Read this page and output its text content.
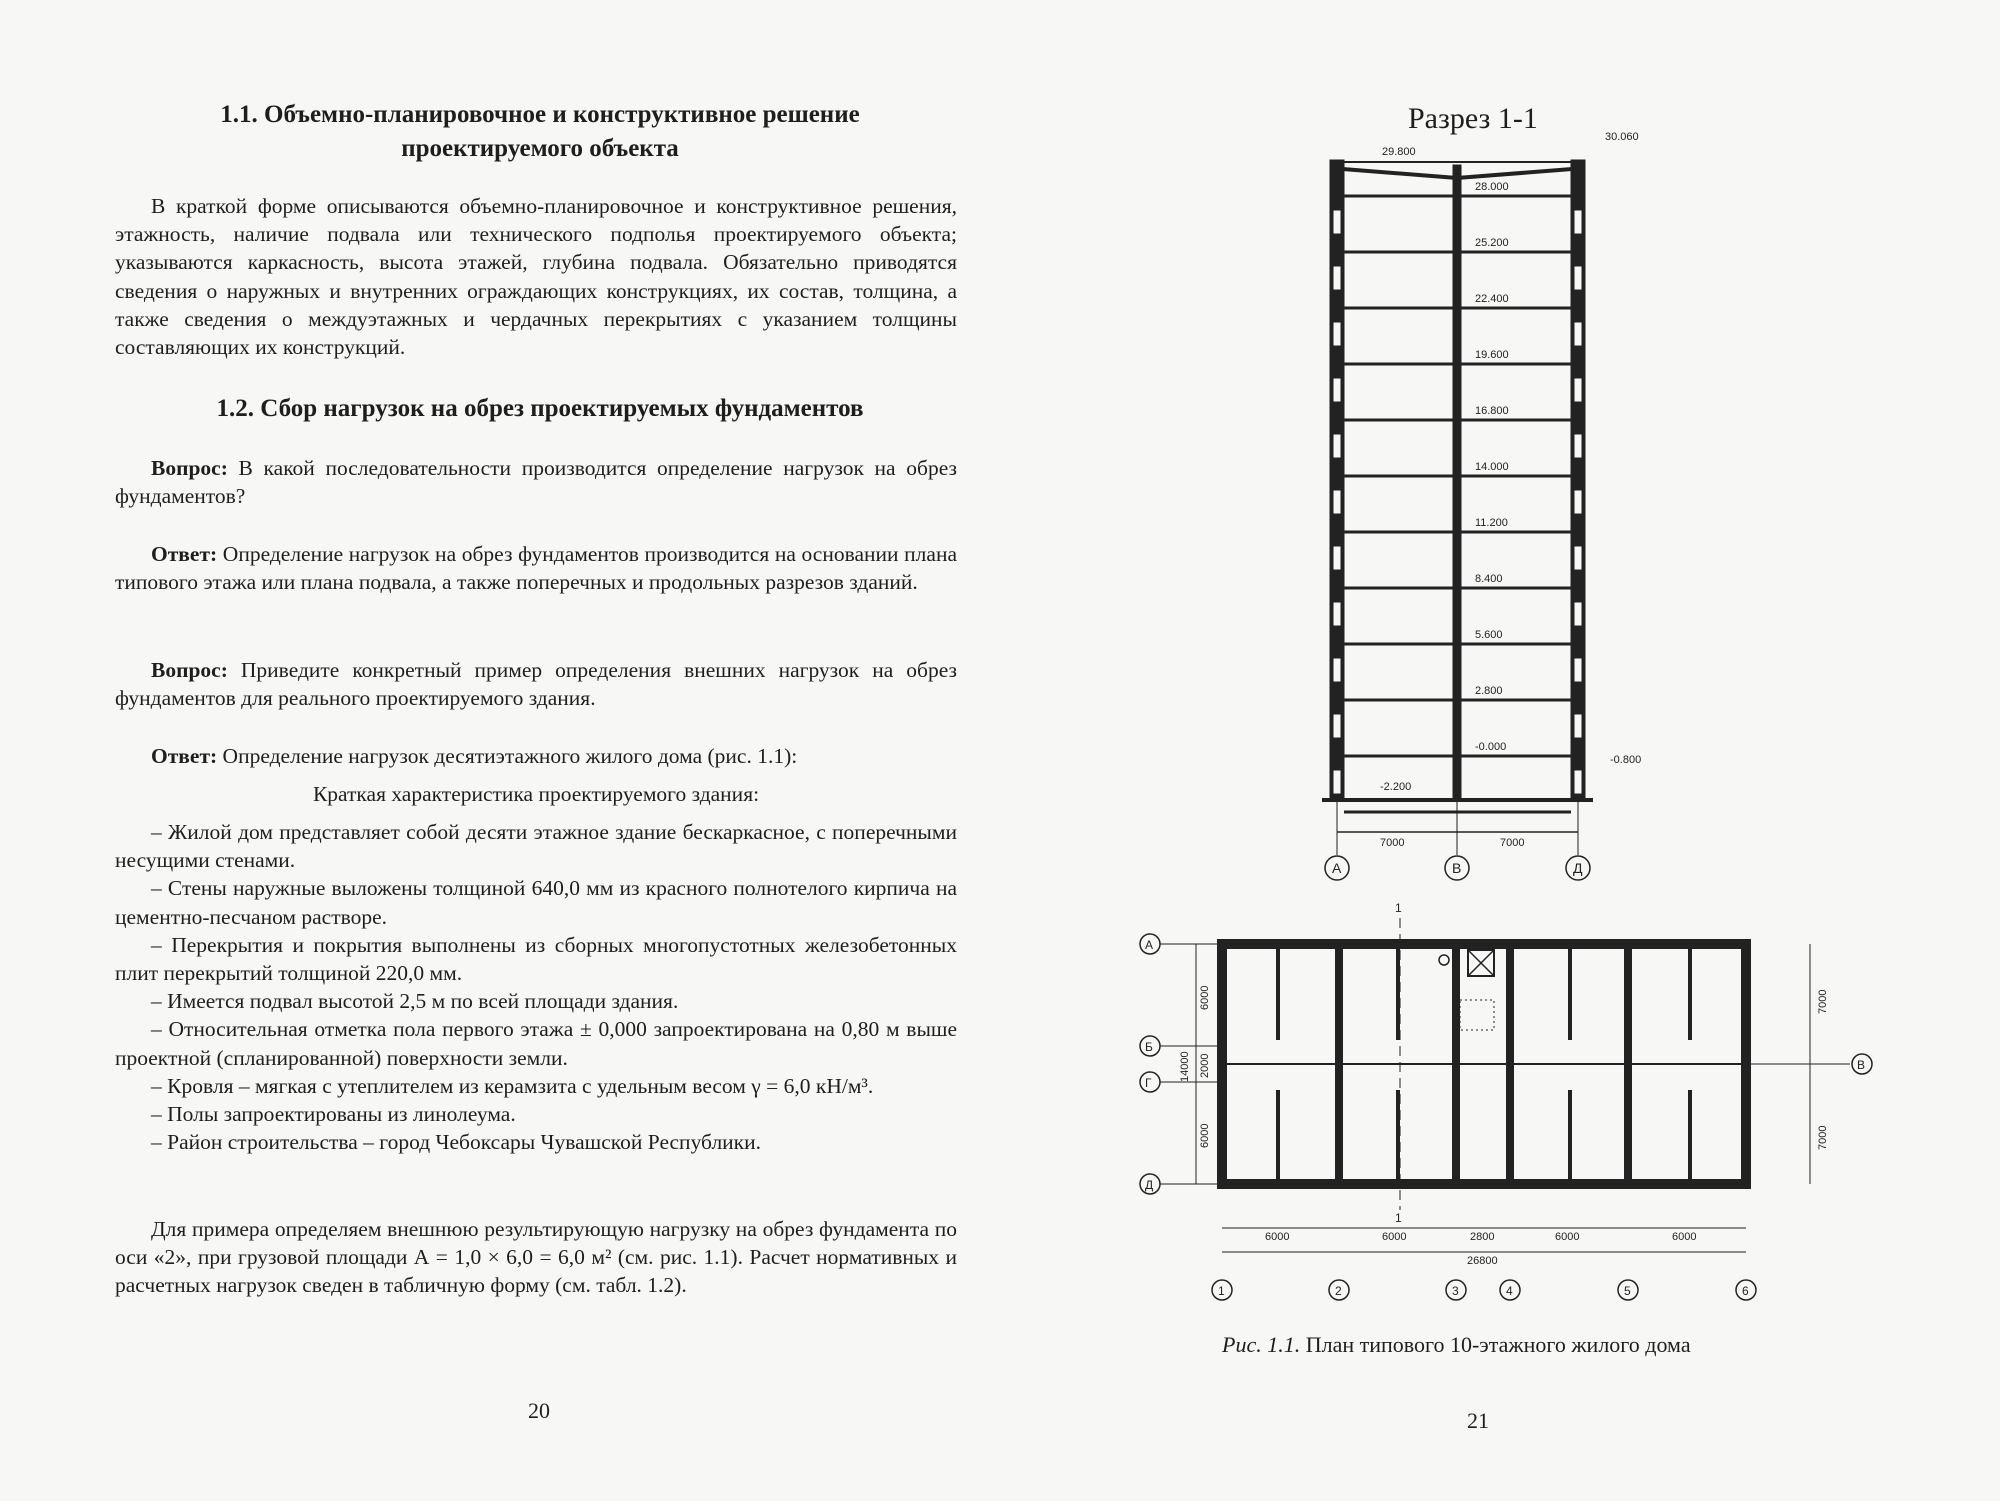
1.1. Объемно-планировочное и конструктивное решение
проектируемого объекта

В краткой форме описываются объемно-планировочное и конструктивное решения, этажность, наличие подвала или технического подполья проектируемого объекта; указываются каркасность, высота этажей, глубина подвала. Обязательно приводятся сведения о наружных и внутренних ограждающих конструкциях, их состав, толщина, а также сведения о междуэтажных и чердачных перекрытиях с указанием толщины составляющих их конструкций.

1.2. Сбор нагрузок на обрез проектируемых фундаментов

Вопрос: В какой последовательности производится определение нагрузок на обрез фундаментов?

Ответ: Определение нагрузок на обрез фундаментов производится на основании плана типового этажа или плана подвала, а также поперечных и продольных разрезов зданий.

Вопрос: Приведите конкретный пример определения внешних нагрузок на обрез фундаментов для реального проектируемого здания.

Ответ: Определение нагрузок десятиэтажного жилого дома (рис. 1.1):

Краткая характеристика проектируемого здания:

– Жилой дом представляет собой десяти этажное здание бескаркасное, с поперечными несущими стенами.

– Стены наружные выложены толщиной 640,0 мм из красного полнотелого кирпича на цементно-песчаном растворе.

– Перекрытия и покрытия выполнены из сборных многопустотных железобетонных плит перекрытий толщиной 220,0 мм.

– Имеется подвал высотой 2,5 м по всей площади здания.

– Относительная отметка пола первого этажа ± 0,000 запроектирована на 0,80 м выше проектной (спланированной) поверхности земли.

– Кровля – мягкая с утеплителем из керамзита с удельным весом γ = 6,0 кН/м³.

– Полы запроектированы из линолеума.

– Район строительства – город Чебоксары Чувашской Республики.

Для примера определяем внешнюю результирующую нагрузку на обрез фундамента по оси «2», при грузовой площади А = 1,0 × 6,0 = 6,0 м² (см. рис. 1.1). Расчет нормативных и расчетных нагрузок сведен в табличную форму (см. табл. 1.2).

20
Разрез 1-1
29.800
30.060
-0.800
-2.200
28.000
25.200
22.400
19.600
16.800
14.000
11.200
8.400
5.600
2.800
-0.000
7000	7000
А	В	Д
А
Б
Г
Д
В
6000
2000
6000
14000
7000
7000
6000	6000	2800	6000	6000
26800
1	2	3	4	5	6
1
1
Рис. 1.1. План типового 10-этажного жилого дома
21
